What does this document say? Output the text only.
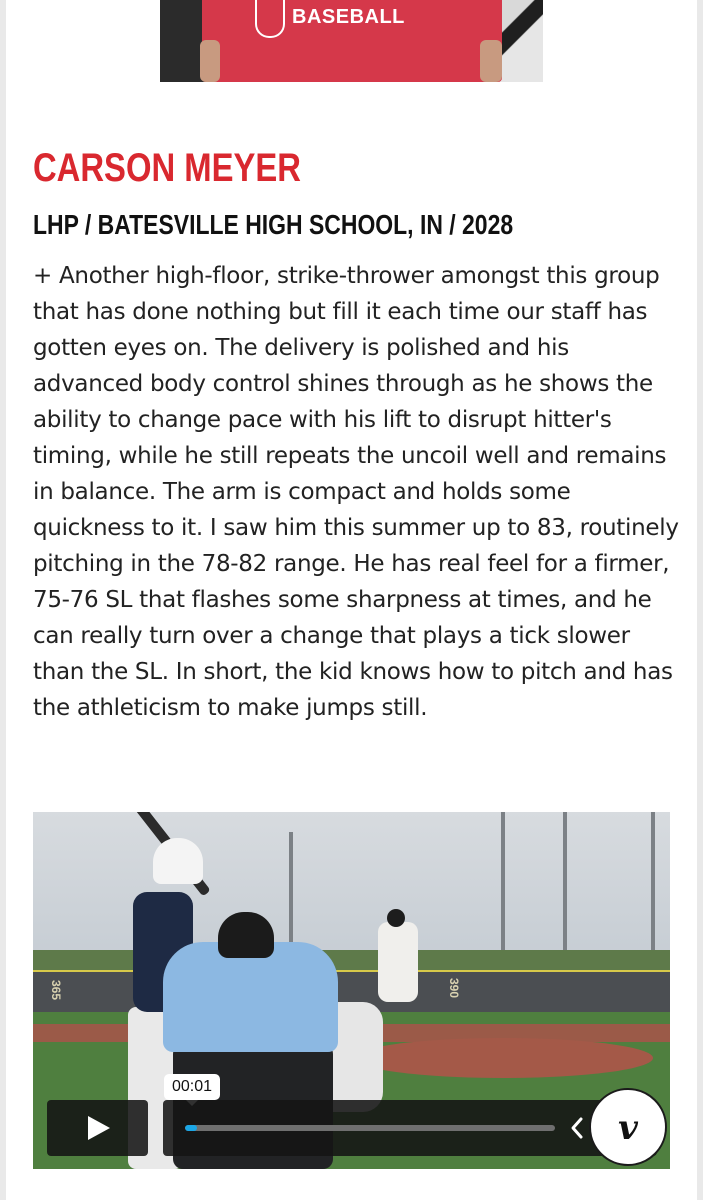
BASEBALL
CARSON MEYER
LHP / BATESVILLE HIGH SCHOOL, IN / 2028

+ Another high-floor, strike-thrower amongst this group that has done nothing but fill it each time our staff has gotten eyes on. The delivery is polished and his advanced body control shines through as he shows the ability to change pace with his lift to disrupt hitter's timing, while he still repeats the uncoil well and remains in balance. The arm is compact and holds some quickness to it. I saw him this summer up to 83, routinely pitching in the 78-82 range. He has real feel for a firmer, 75-76 SL that flashes some sharpness at times, and he can really turn over a change that plays a tick slower than the SL. In short, the kid knows how to pitch and has the athleticism to make jumps still.

365	390
00:01
v
